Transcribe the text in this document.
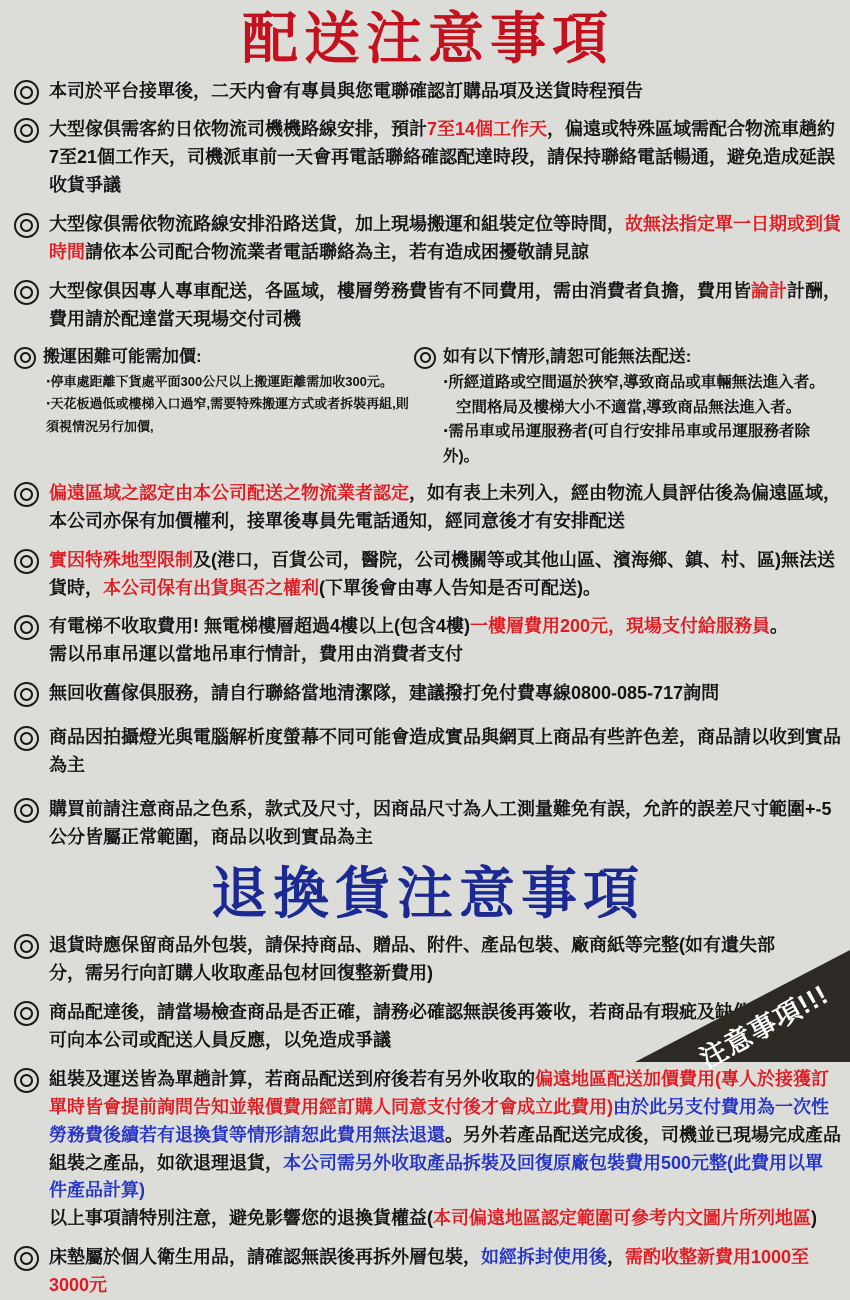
配送注意事項
本司於平台接單後，二天内會有專員與您電聯確認訂購品項及送貨時程預告
大型傢俱需客約日依物流司機機路線安排，預計7至14個工作天，偏遠或特殊區域需配合物流車趟約7至21個工作天，司機派車前一天會再電話聯絡確認配達時段，請保持聯絡電話暢通，避免造成延誤收貨爭議
大型傢俱需依物流路線安排沿路送貨，加上現場搬運和組裝定位等時間，故無法指定單一日期或到貨時間請依本公司配合物流業者電話聯絡為主，若有造成困擾敬請見諒
大型傢俱因專人專車配送，各區域，樓層勞務費皆有不同費用，需由消費者負擔，費用皆論計計酬，費用請於配達當天現場交付司機
搬運困難可能需加價:
‧停車處距離下貨處平面300公尺以上搬運距離需加收300元。
‧天花板過低或樓梯入口過窄,需要特殊搬運方式或者拆裝再組,則須視情況另行加價,
如有以下情形,請恕可能無法配送:
‧所經道路或空間逼於狹窄,導致商品或車輛無法進入者。
空間格局及樓梯大小不適當,導致商品無法進入者。
‧需吊車或吊運服務者(可自行安排吊車或吊運服務者除外)。
偏遠區域之認定由本公司配送之物流業者認定，如有表上未列入，經由物流人員評估後為偏遠區域，本公司亦保有加價權利，接單後專員先電話通知，經同意後才有安排配送
實因特殊地型限制及(港口，百貨公司，醫院，公司機關等或其他山區、濱海鄉、鎮、村、區)無法送貨時，本公司保有出貨與否之權利(下單後會由專人告知是否可配送)。
有電梯不收取費用! 無電梯樓層超過4樓以上(包含4樓)一樓層費用200元，現場支付給服務員。
需以吊車吊運以當地吊車行情計，費用由消費者支付
無回收舊傢俱服務，請自行聯絡當地清潔隊，建議撥打免付費專線0800-085-717詢問
商品因拍攝燈光與電腦解析度螢幕不同可能會造成實品與網頁上商品有些許色差，商品請以收到實品為主
購買前請注意商品之色系，款式及尺寸，因商品尺寸為人工測量難免有誤，允許的誤差尺寸範圍+-5公分皆屬正常範圍，商品以收到實品為主
退換貨注意事項
退貨時應保留商品外包裝，請保持商品、贈品、附件、產品包裝、廠商紙等完整(如有遺失部分，需另行向訂購人收取產品包材回復整新費用)
商品配達後，請當場檢查商品是否正確，請務必確認無誤後再簽收，若商品有瑕疵及缺件或任何問題可向本公司或配送人員反應，以免造成爭議
組裝及運送皆為單趟計算，若商品配送到府後若有另外收取的偏遠地區配送加價費用(專人於接獲訂單時皆會提前詢問告知並報價費用經訂購人同意支付後才會成立此費用)由於此另支付費用為一次性勞務費後續若有退換貨等情形請恕此費用無法退還。另外若產品配送完成後，司機並已現場完成產品組裝之產品，如欲退理退貨，本公司需另外收取產品拆裝及回復原廠包裝費用500元整(此費用以單件產品計算)
以上事項請特別注意，避免影響您的退換貨權益(本司偏遠地區認定範圍可參考内文圖片所列地區)
床墊屬於個人衛生用品，請確認無誤後再拆外層包裝，如經拆封使用後，需酌收整新費用1000至3000元
注意事項!!!
